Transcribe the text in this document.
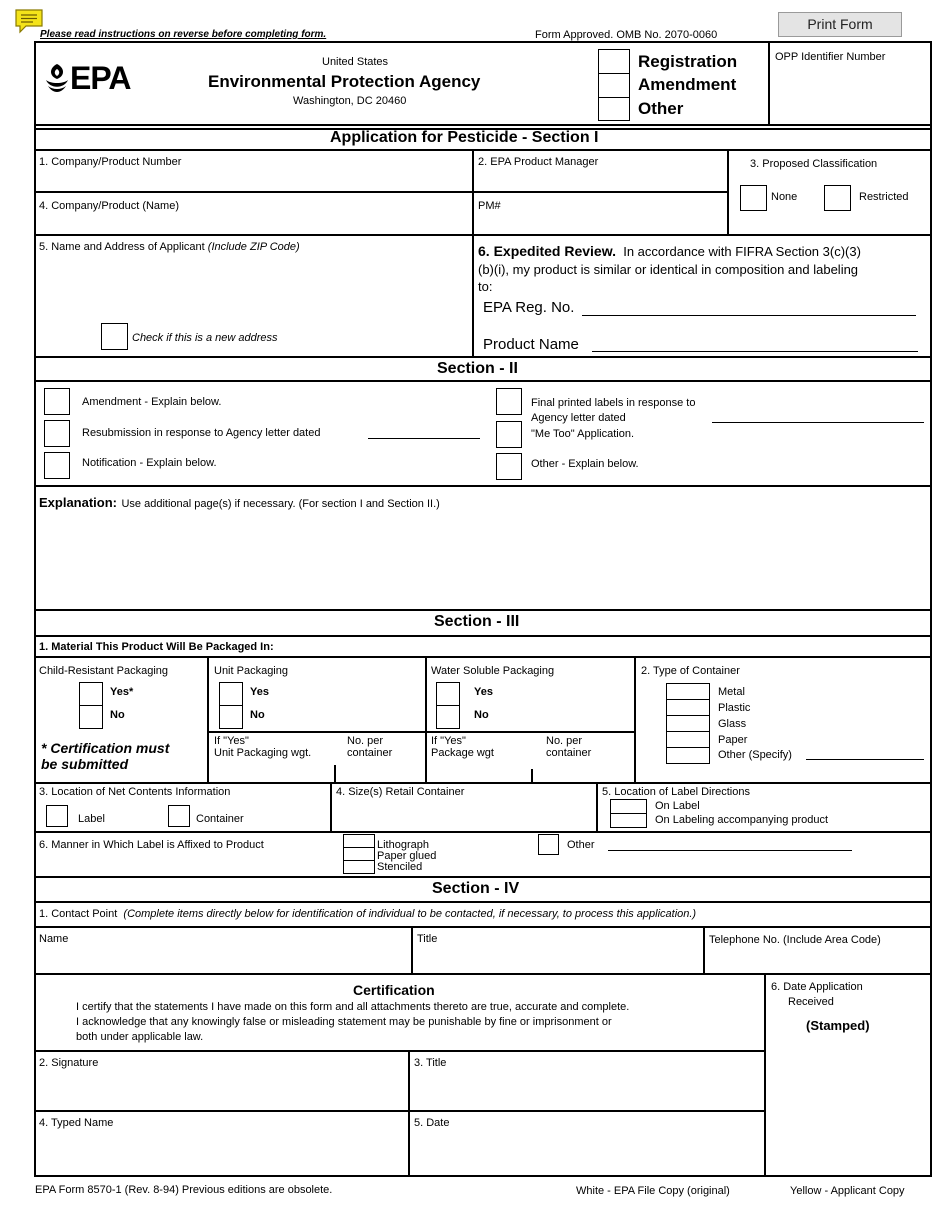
Please read instructions on reverse before completing form.	Form Approved. OMB No. 2070-0060
Print Form
EPA	United States
Environmental Protection Agency
Washington, DC 20460
Registration
Amendment
Other
OPP Identifier Number
Application for Pesticide - Section I
1. Company/Product Number	2. EPA Product Manager	3. Proposed Classification
None	Restricted
4. Company/Product (Name)	PM#
5. Name and Address of Applicant (Include ZIP Code)
Check if this is a new address
6. Expedited Review. In accordance with FIFRA Section 3(c)(3)
(b)(i), my product is similar or identical in composition and labeling
to:
EPA Reg. No.
Product Name
Section - II
Amendment - Explain below.
Resubmission in response to Agency letter dated
Notification - Explain below.
Final printed labels in response to
Agency letter dated
"Me Too" Application.
Other - Explain below.
Explanation: Use additional page(s) if necessary. (For section I and Section II.)
Section - III
1. Material This Product Will Be Packaged In:
Child-Resistant Packaging
Yes*
No
* Certification must
be submitted
Unit Packaging
Yes
No
If "Yes"
Unit Packaging wgt.
No. per
container
Water Soluble Packaging
Yes
No
If "Yes"
Package wgt
No. per
container
2. Type of Container
Metal
Plastic
Glass
Paper
Other (Specify)
3. Location of Net Contents Information
Label	Container
4. Size(s) Retail Container	5. Location of Label Directions
On Label
On Labeling accompanying product
6. Manner in Which Label is Affixed to Product	Lithograph
Paper glued
Stenciled
Other
Section - IV
1. Contact Point (Complete items directly below for identification of individual to be contacted, if necessary, to process this application.)
Name	Title	Telephone No. (Include Area Code)
Certification
I certify that the statements I have made on this form and all attachments thereto are true, accurate and complete.
I acknowledge that any knowingly false or misleading statement may be punishable by fine or imprisonment or
both under applicable law.
6. Date Application
Received
(Stamped)
2. Signature	3. Title
4. Typed Name	5. Date
EPA Form 8570-1 (Rev. 8-94) Previous editions are obsolete.	White - EPA File Copy (original)	Yellow - Applicant Copy
